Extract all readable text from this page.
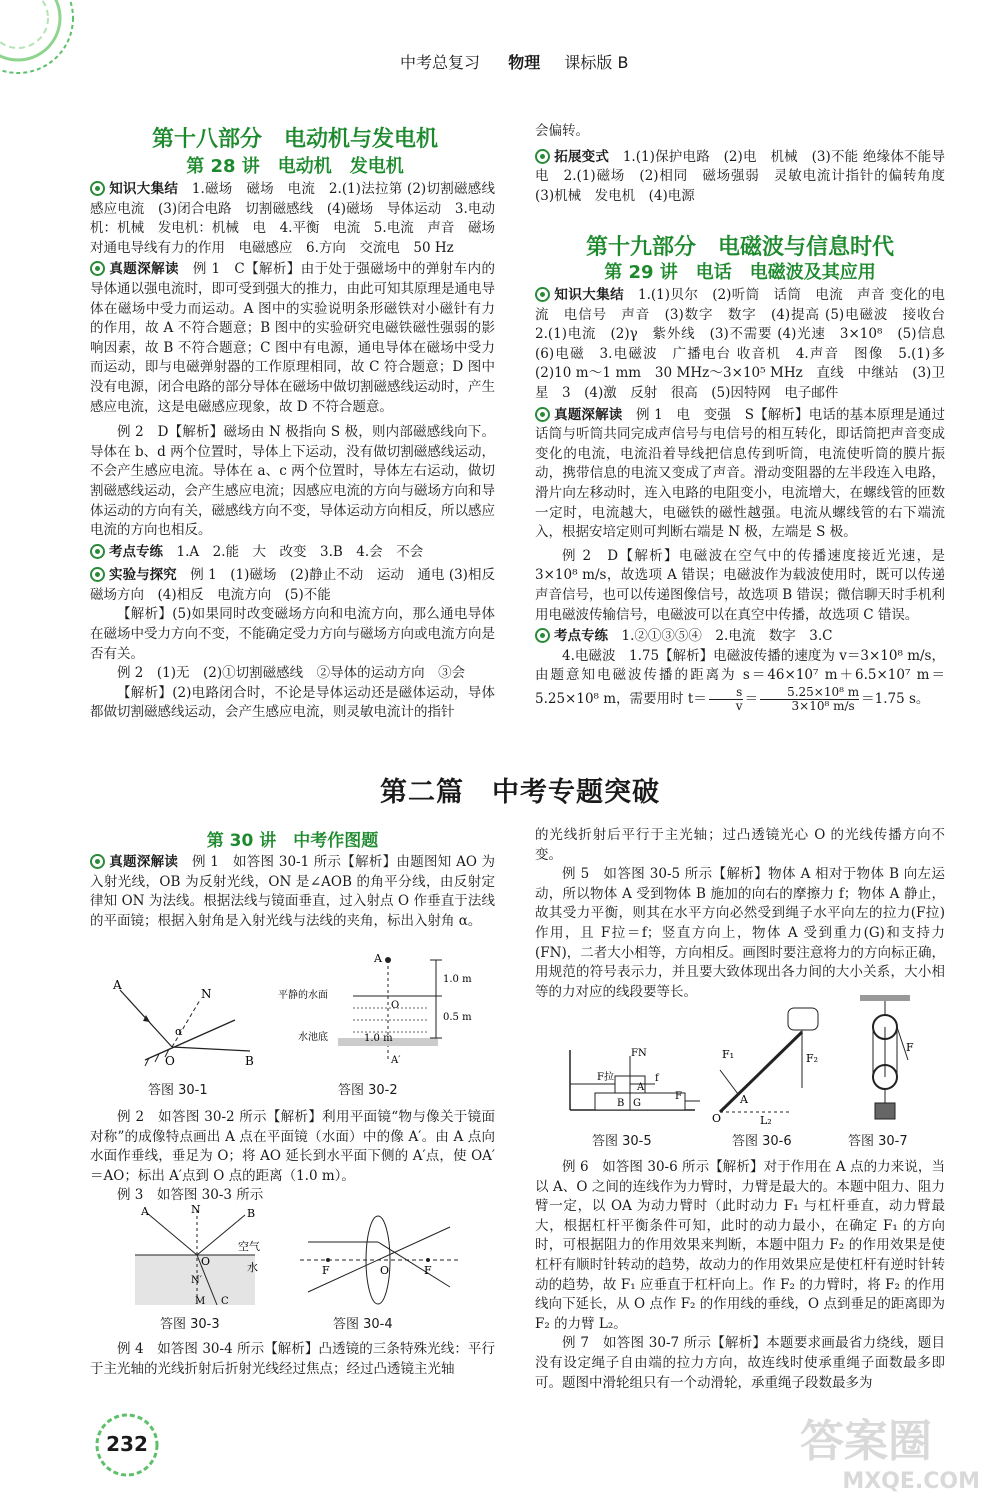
中考总复习 物理 课标版 B
第十八部分　电动机与发电机
第 28 讲　电动机　发电机

知识大集结　 1.磁场　磁场　电流　2.(1)法拉第 (2)切割磁感线　感应电流　(3)闭合电路　切割磁感线　(4)磁场　导体运动　3.电动机：机械　发电机：机械　电　4.平衡　电流　5.电流　声音　磁场对通电导线有力的作用　电磁感应　6.方向　交流电　50 Hz

真题深解读　 例 1　C【解析】由于处于强磁场中的弹射车内的导体通以强电流时，即可受到强大的推力，由此可知其原理是通电导体在磁场中受力而运动。A 图中的实验说明条形磁铁对小磁针有力的作用，故 A 不符合题意；B 图中的实验研究电磁铁磁性强弱的影响因素，故 B 不符合题意；C 图中有电源，通电导体在磁场中受力而运动，即与电磁弹射器的工作原理相同，故 C 符合题意；D 图中没有电源，闭合电路的部分导体在磁场中做切割磁感线运动时，产生感应电流，这是电磁感应现象，故 D 不符合题意。

例 2　D【解析】磁场由 N 极指向 S 极，则内部磁感线向下。导体在 b、d 两个位置时，导体上下运动，没有做切割磁感线运动，不会产生感应电流。导体在 a、c 两个位置时，导体左右运动，做切割磁感线运动，会产生感应电流；因感应电流的方向与磁场方向和导体运动的方向有关，磁感线方向不变，导体运动方向相反，所以感应电流的方向也相反。

考点专练　 1.A　2.能　大　改变　3.B　4.会　不会

实验与探究　 例 1　(1)磁场　(2)静止不动　运动　通电 (3)相反　磁场方向　(4)相反　电流方向　(5)不能

【解析】(5)如果同时改变磁场方向和电流方向，那么通电导体在磁场中受力方向不变，不能确定受力方向与磁场方向或电流方向是否有关。

例 2　(1)无　(2)①切割磁感线　②导体的运动方向　③会

【解析】(2)电路闭合时，不论是导体运动还是磁体运动，导体都做切割磁感线运动，会产生感应电流，则灵敏电流计的指针

会偏转。

拓展变式　 1.(1)保护电路　(2)电　机械　(3)不能 绝缘体不能导电　2.(1)磁场　(2)相同　磁场强弱　灵敏电流计指针的偏转角度　(3)机械　发电机　(4)电源

第十九部分　电磁波与信息时代
第 29 讲　电话　电磁波及其应用

知识大集结　 1.(1)贝尔　(2)听筒　话筒　电流　声音 变化的电流　电信号　声音　(3)数字　数字　(4)提高 (5)电磁波　接收台　2.(1)电流　(2)γ　紫外线　(3)不需要 (4)光速　3×10⁸　(5)信息　(6)电磁　3.电磁波　广播电台 收音机　4.声音　图像　5.(1)多　(2)10 m～1 mm　30 MHz～3×10⁵ MHz　直线　中继站　(3)卫星　3　(4)激　反射　很高　(5)因特网　电子邮件

真题深解读　 例 1　电　变强　S【解析】电话的基本原理是通过话筒与听筒共同完成声信号与电信号的相互转化，即话筒把声音变成变化的电流，电流沿着导线把信息传到听筒，电流使听筒的膜片振动，携带信息的电流又变成了声音。滑动变阻器的左半段连入电路，滑片向左移动时，连入电路的电阻变小，电流增大，在螺线管的匝数一定时，电流越大，电磁铁的磁性越强。电流从螺线管的右下端流入，根据安培定则可判断右端是 N 极，左端是 S 极。

例 2　D【解析】电磁波在空气中的传播速度接近光速，是 3×10⁸ m/s，故选项 A 错误；电磁波作为载波使用时，既可以传递声音信号，也可以传递图像信号，故选项 B 错误；微信聊天时手机利用电磁波传输信号，电磁波可以在真空中传播，故选项 C 错误。

考点专练　 1.②①③⑤④　2.电流　数字　3.C

4.电磁波　1.75【解析】电磁波传播的速度为 v＝3×10⁸ m/s，由题意知电磁波传播的距离为 s＝46×10⁷ m＋6.5×10⁷ m＝5.25×10⁸ m，需要用时 $t= \frac{s}{v} = \frac{\text{5.25×10⁸ m}}{\text{3×10⁸ m/s}} =1.75$ s。

第二篇　中考专题突破
第 30 讲　中考作图题

真题深解读　 例 1　如答图 30-1 所示【解析】由题图知 AO 为入射光线，OB 为反射光线，ON 是∠AOB 的角平分线，由反射定律知 ON 为法线。根据法线与镜面垂直，过入射点 O 作垂直于法线的平面镜；根据入射角是入射光线与法线的夹角，标出入射角 α。

A
N
α
O	B
答图 30-1
A
平静的水面
水池底
1.0 m
0.5 m
1.0 m
O
A′
答图 30-2

例 2　如答图 30-2 所示【解析】利用平面镜“物与像关于镜面对称”的成像特点画出 A 点在平面镜（水面）中的像 A′。由 A 点向水面作垂线，垂足为 O；将 AO 延长到水平面下侧的 A′点，使 OA′＝AO；标出 A′点到 O 点的距离（1.0 m）。

例 3　如答图 30-3 所示

A	N	B
O
空气
水
N′
M C
答图 30-3
F	O	F
答图 30-4

例 4　如答图 30-4 所示【解析】凸透镜的三条特殊光线：平行于主光轴的光线折射后折射光线经过焦点；经过凸透镜主光轴

的光线折射后平行于主光轴；过凸透镜光心 O 的光线传播方向不变。

例 5　如答图 30-5 所示【解析】物体 A 相对于物体 B 向左运动，所以物体 A 受到物体 B 施加的向右的摩擦力 f；物体 A 静止，故其受力平衡，则其在水平方向必然受到绳子水平向左的拉力(F拉)作用，且 F拉＝f；竖直方向上，物体 A 受到重力(G)和支持力(FN)，二者大小相等，方向相反。画图时要注意将力的方向标正确，用规范的符号表示力，并且要大致体现出各力间的大小关系，大小相等的力对应的线段要等长。

FN
F拉	f
F
G
B
A
答图 30-5
F₁	F₂
A
O	L₂
答图 30-6
F
答图 30-7

例 6　如答图 30-6 所示【解析】对于作用在 A 点的力来说，当以 A、O 之间的连线作为力臂时，力臂是最大的。本题中阻力、阻力臂一定，以 OA 为动力臂时（此时动力 F₁ 与杠杆垂直，动力臂最大，根据杠杆平衡条件可知，此时的动力最小，在确定 F₁ 的方向时，可根据阻力的作用效果来判断，本题中阻力 F₂ 的作用效果是使杠杆有顺时针转动的趋势，故动力的作用效果应是使杠杆有逆时针转动的趋势，故 F₁ 应垂直于杠杆向上。作 F₂ 的力臂时，将 F₂ 的作用线向下延长，从 O 点作 F₂ 的作用线的垂线，O 点到垂足的距离即为 F₂ 的力臂 L₂。

例 7　如答图 30-7 所示【解析】本题要求画最省力绕线，题目没有设定绳子自由端的拉力方向，故连线时使承重绳子面数最多即可。题图中滑轮组只有一个动滑轮，承重绳子段数最多为

232	答案圈
MXQE.COM
